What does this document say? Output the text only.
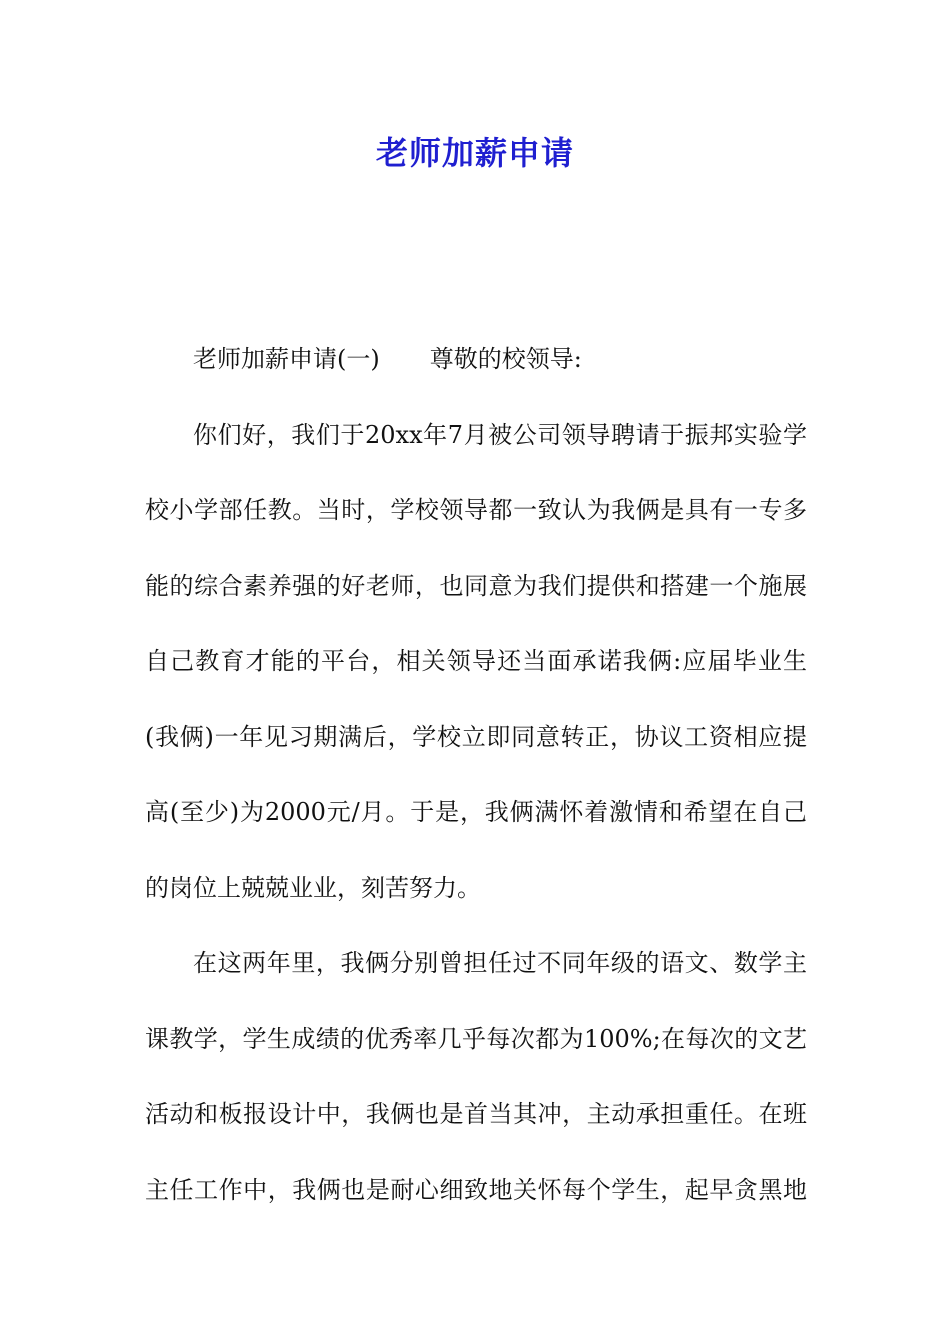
老师加薪申请
老师加薪申请(一) 尊敬的校领导:
你们好，我们于20xx年7月被公司领导聘请于振邦实验学
校小学部任教。当时，学校领导都一致认为我俩是具有一专多
能的综合素养强的好老师，也同意为我们提供和搭建一个施展
自己教育才能的平台，相关领导还当面承诺我俩:应届毕业生
(我俩)一年见习期满后，学校立即同意转正，协议工资相应提
高(至少)为2000元/月。于是，我俩满怀着激情和希望在自己
的岗位上兢兢业业，刻苦努力。
在这两年里，我俩分别曾担任过不同年级的语文、数学主
课教学，学生成绩的优秀率几乎每次都为100%;在每次的文艺
活动和板报设计中，我俩也是首当其冲，主动承担重任。在班
主任工作中，我俩也是耐心细致地关怀每个学生，起早贪黑地
